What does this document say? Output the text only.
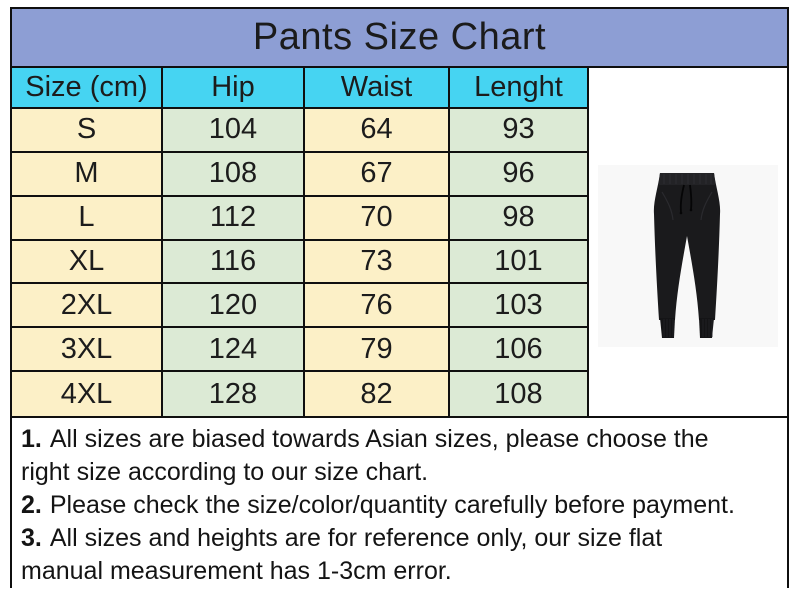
Pants Size Chart
Size (cm)	Hip	Waist	Lenght
S	104	64	93
M	108	67	96
L	112	70	98
XL	116	73	101
2XL	120	76	103
3XL	124	79	106
4XL	128	82	108

1. All sizes are biased towards Asian sizes, please choose the right size according to our size chart.

2. Please check the size/color/quantity carefully before payment.

3. All sizes and heights are for reference only, our size flat manual measurement has 1-3cm error.
